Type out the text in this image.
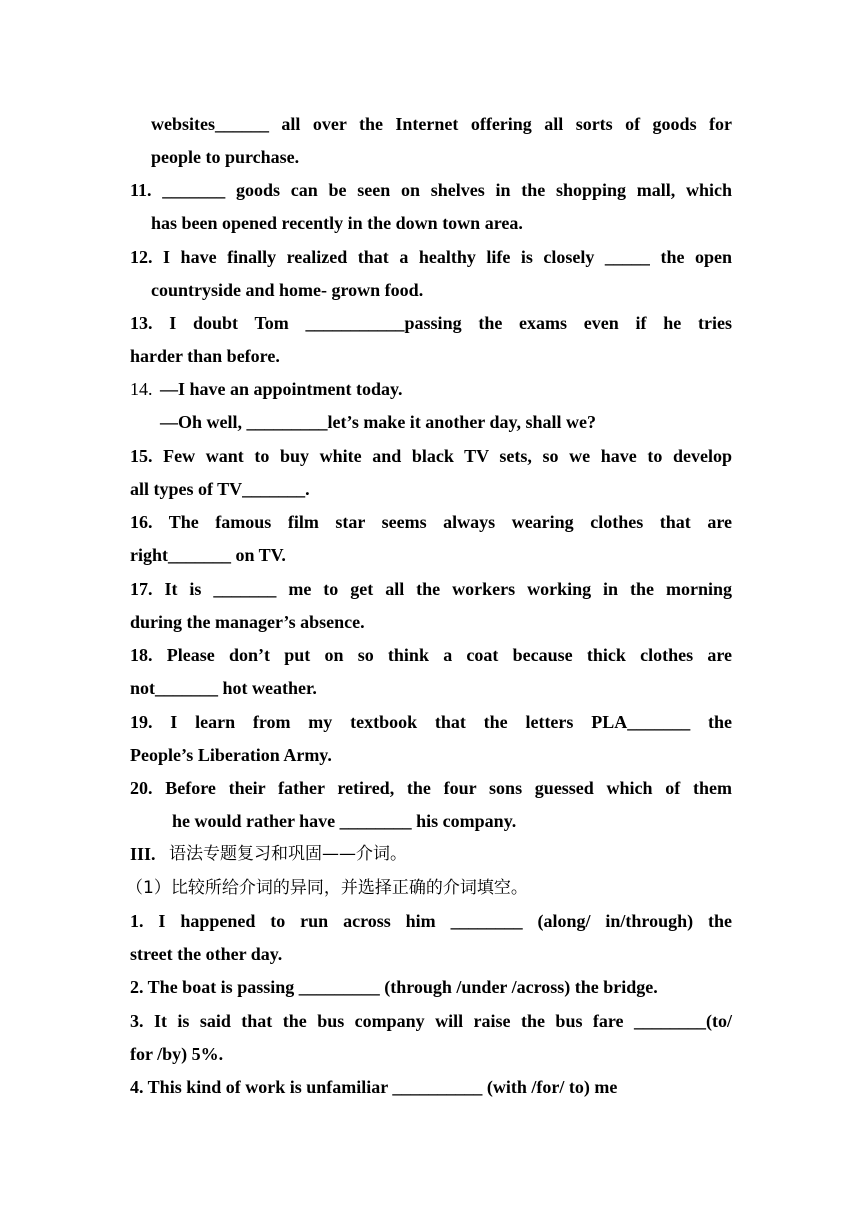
websites______ all over the Internet offering all sorts of goods for
people to purchase.
11. _______ goods can be seen on shelves in the shopping mall, which
has been opened recently in the down town area.
12. I have finally realized that a healthy life is closely _____ the open
countryside and home- grown food.
13. I doubt Tom ___________passing the exams even if he tries
harder than before.
14. —I have an appointment today.
—Oh well, _________let’s make it another day, shall we?
15. Few want to buy white and black TV sets, so we have to develop
all types of TV_______.
16. The famous film star seems always wearing clothes that are
right_______ on TV.
17. It is _______ me to get all the workers working in the morning
during the manager’s absence.
18. Please don’t put on so think a coat because thick clothes are
not_______ hot weather.
19. I learn from my textbook that the letters PLA_______ the
People’s Liberation Army.
20. Before their father retired, the four sons guessed which of them
he would rather have ________ his company.
III. 语法专题复习和巩固——介词。
（1）比较所给介词的异同，并选择正确的介词填空。
1. I happened to run across him ________ (along/ in/through) the
street the other day.
2. The boat is passing _________ (through /under /across) the bridge.
3. It is said that the bus company will raise the bus fare ________(to/
for /by) 5%.
4. This kind of work is unfamiliar __________ (with /for/ to) me
